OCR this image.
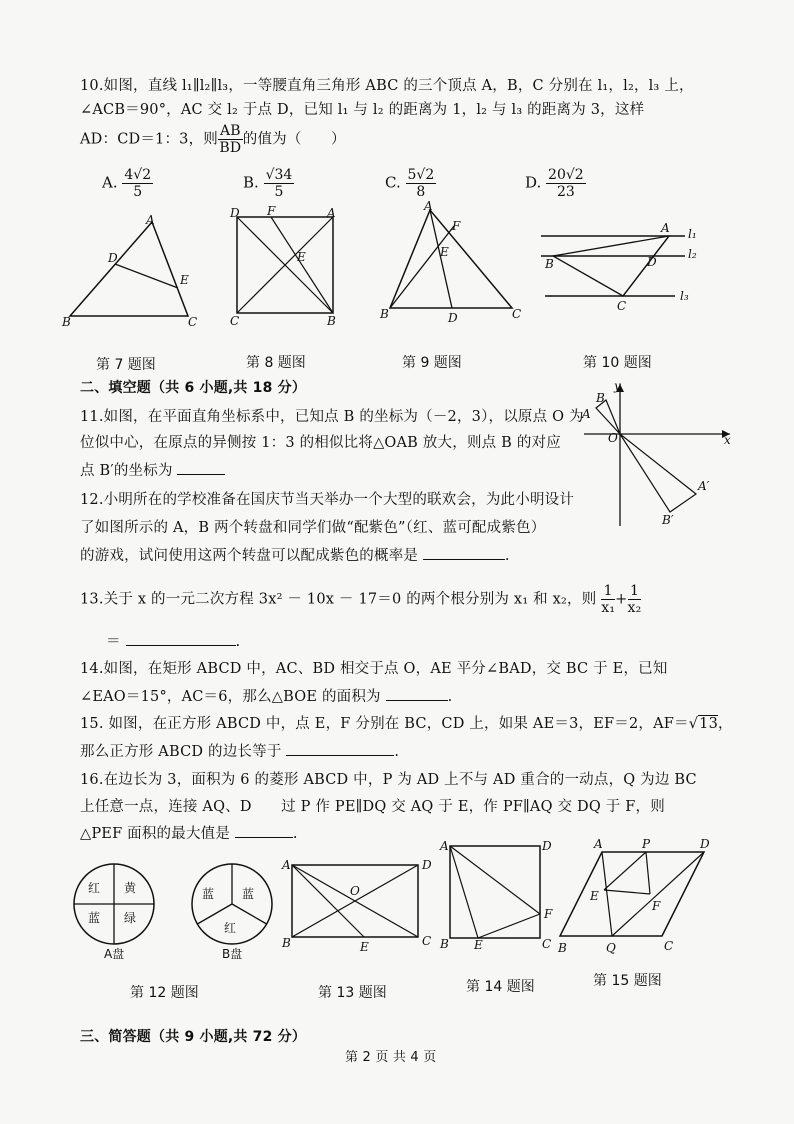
10.如图，直线 l₁∥l₂∥l₃，一等腰直角三角形 ABC 的三个顶点 A，B，C 分别在 l₁，l₂，l₃ 上，
∠ACB＝90°，AC 交 l₂ 于点 D，已知 l₁ 与 l₂ 的距离为 1，l₂ 与 l₃ 的距离为 3，这样
AD：CD＝1：3，则 $\frac{AB}{BD}$ 的值为（　　）
A. $\frac{4√2}{5}$	B. $\frac{√34}{5}$	C. $\frac{5√2}{8}$	D. $\frac{20√2}{23}$
A
D
E
B	C
D F	A
E
C	B
A
F
E
B	D	C
A
B	D
C
l₁
l₂
l₃
第 7 题图	第 8 题图	第 9 题图	第 10 题图
二、填空题（共 6 小题,共 18 分）
11.如图，在平面直角坐标系中，已知点 B 的坐标为（－2，3），以原点 O 为
位似中心，在原点的异侧按 1：3 的相似比将△OAB 放大，则点 B 的对应
点 B′的坐标为
y
x
O
B
A
A′
B′
12.小明所在的学校准备在国庆节当天举办一个大型的联欢会，为此小明设计
了如图所示的 A，B 两个转盘和同学们做“配紫色”（红、蓝可配成紫色）
的游戏，试问使用这两个转盘可以配成紫色的概率是	.
13.关于 x 的一元二次方程 3x² － 10x － 17＝0 的两个根分别为 x₁ 和 x₂，则 $\frac{1}{\text{x₁}} + \frac{1}{\text{x₂}}$
＝	.
14.如图，在矩形 ABCD 中，AC、BD 相交于点 O，AE 平分∠BAD，交 BC 于 E，已知
∠EAO＝15°，AC＝6，那么△BOE 的面积为	.
15. 如图，在正方形 ABCD 中，点 E，F 分别在 BC，CD 上，如果 AE＝3，EF＝2，AF＝√13，
那么正方形 ABCD 的边长等于	.
16.在边长为 3，面积为 6 的菱形 ABCD 中，P 为 AD 上不与 AD 重合的一动点，Q 为边 BC
上任意一点，连接 AQ、D　　过 P 作 PE∥DQ 交 AQ 于 E，作 PF∥AQ 交 DQ 于 F，则
△PEF 面积的最大值是	.
红 黄
蓝 绿
A盘
蓝 蓝
红
B盘
A	D
O
B	E	C
A	D
F
B E	C
A	P	D
E
F
B	Q	C
第 12 题图	第 13 题图	第 14 题图	第 15 题图
三、简答题（共 9 小题,共 72 分）
第 2 页 共 4 页
